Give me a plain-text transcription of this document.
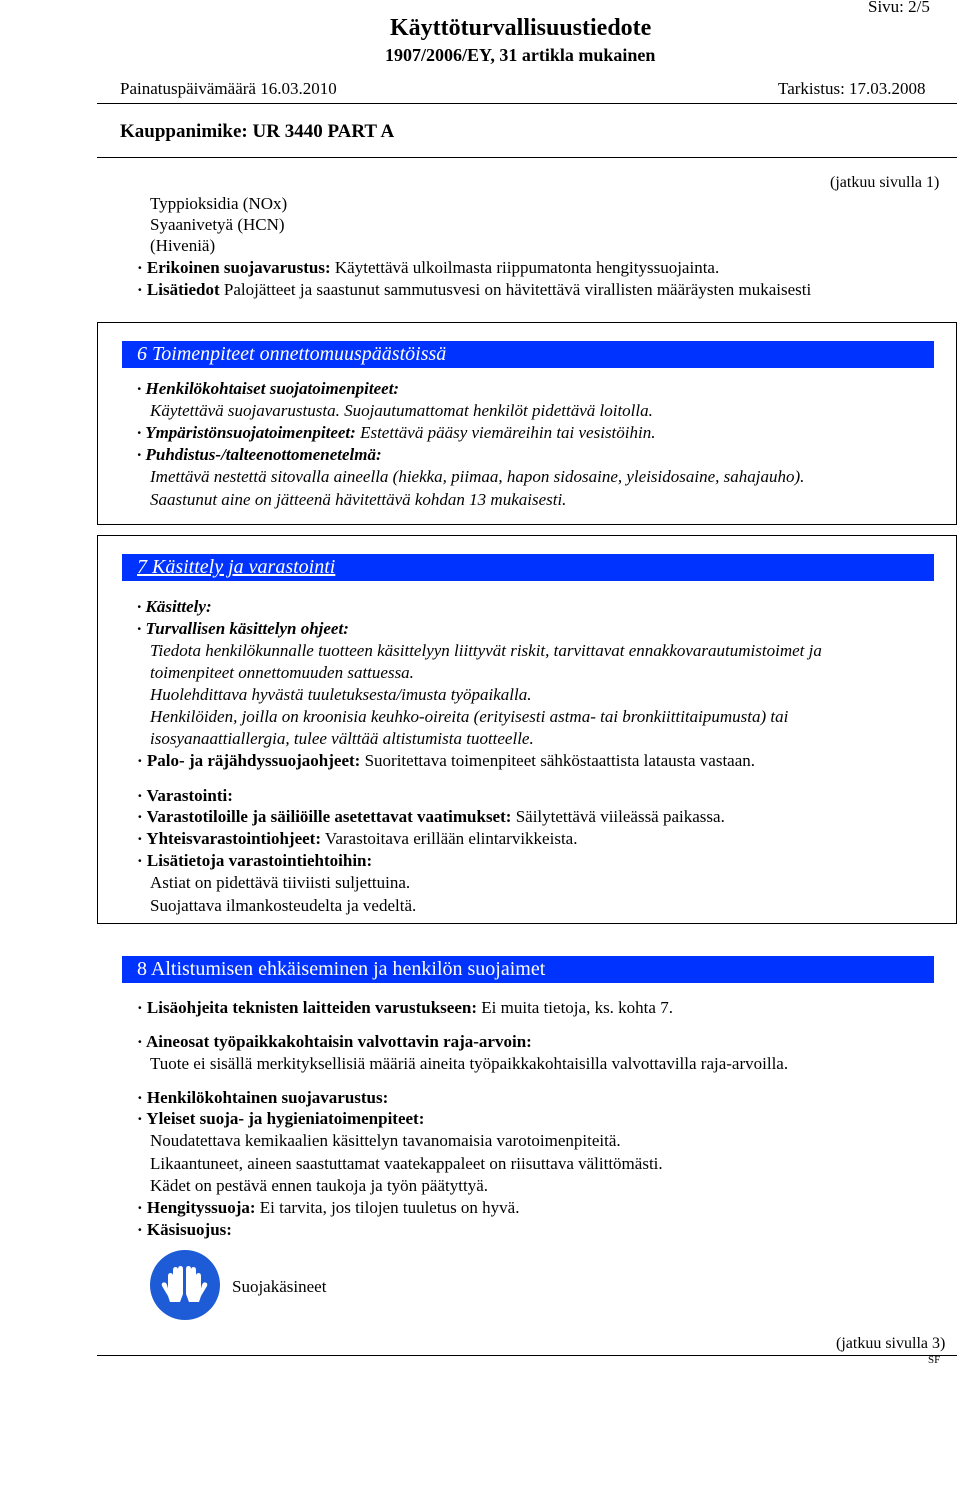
Käyttöturvallisuustiedote
1907/2006/EY, 31 artikla mukainen
Sivu: 2/5
Painatuspäivämäärä 16.03.2010	Tarkistus: 17.03.2008
Kauppanimike: UR 3440 PART A
(jatkuu sivulla 1)
Typpioksidia (NOx)
Syaanivetyä (HCN)
(Hiveniä)
· Erikoinen suojavarustus: Käytettävä ulkoilmasta riippumatonta hengityssuojainta.
· Lisätiedot Palojätteet ja saastunut sammutusvesi on hävitettävä virallisten määräysten mukaisesti
6 Toimenpiteet onnettomuuspäästöissä
· Henkilökohtaiset suojatoimenpiteet:
Käytettävä suojavarustusta. Suojautumattomat henkilöt pidettävä loitolla.
· Ympäristönsuojatoimenpiteet: Estettävä pääsy viemäreihin tai vesistöihin.
· Puhdistus-/talteenottomenetelmä:
Imettävä nestettä sitovalla aineella (hiekka, piimaa, hapon sidosaine, yleisidosaine, sahajauho).
Saastunut aine on jätteenä hävitettävä kohdan 13 mukaisesti.
7 Käsittely ja varastointi
· Käsittely:
· Turvallisen käsittelyn ohjeet:
Tiedota henkilökunnalle tuotteen käsittelyyn liittyvät riskit, tarvittavat ennakkovarautumistoimet ja
toimenpiteet onnettomuuden sattuessa.
Huolehdittava hyvästä tuuletuksesta/imusta työpaikalla.
Henkilöiden, joilla on kroonisia keuhko-oireita (erityisesti astma- tai bronkiittitaipumusta) tai
isosyanaattiallergia, tulee välttää altistumista tuotteelle.
· Palo- ja räjähdyssuojaohjeet: Suoritettava toimenpiteet sähköstaattista latausta vastaan.
· Varastointi:
· Varastotiloille ja säiliöille asetettavat vaatimukset: Säilytettävä viileässä paikassa.
· Yhteisvarastointiohjeet: Varastoitava erillään elintarvikkeista.
· Lisätietoja varastointiehtoihin:
Astiat on pidettävä tiiviisti suljettuina.
Suojattava ilmankosteudelta ja vedeltä.
8 Altistumisen ehkäiseminen ja henkilön suojaimet
· Lisäohjeita teknisten laitteiden varustukseen: Ei muita tietoja, ks. kohta 7.
· Aineosat työpaikkakohtaisin valvottavin raja-arvoin:
Tuote ei sisällä merkityksellisiä määriä aineita työpaikkakohtaisilla valvottavilla raja-arvoilla.
· Henkilökohtainen suojavarustus:
· Yleiset suoja- ja hygieniatoimenpiteet:
Noudatettava kemikaalien käsittelyn tavanomaisia varotoimenpiteitä.
Likaantuneet, aineen saastuttamat vaatekappaleet on riisuttava välittömästi.
Kädet on pestävä ennen taukoja ja työn päätyttyä.
· Hengityssuoja: Ei tarvita, jos tilojen tuuletus on hyvä.
· Käsisuojus:
Suojakäsineet
(jatkuu sivulla 3)
SF
